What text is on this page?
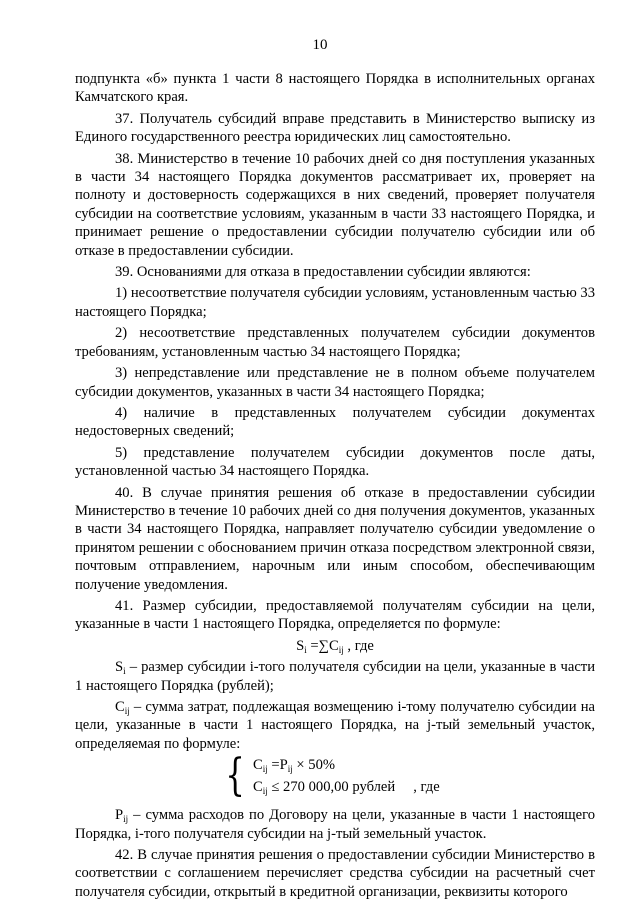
10

подпункта «б» пункта 1 части 8 настоящего Порядка в исполнительных органах Камчатского края.

37. Получатель субсидий вправе представить в Министерство выписку из Единого государственного реестра юридических лиц самостоятельно.

38. Министерство в течение 10 рабочих дней со дня поступления указанных в части 34 настоящего Порядка документов рассматривает их, проверяет на полноту и достоверность содержащихся в них сведений, проверяет получателя субсидии на соответствие условиям, указанным в части 33 настоящего Порядка, и принимает решение о предоставлении субсидии получателю субсидии или об отказе в предоставлении субсидии.

39. Основаниями для отказа в предоставлении субсидии являются:

1) несоответствие получателя субсидии условиям, установленным частью 33 настоящего Порядка;

2) несоответствие представленных получателем субсидии документов требованиям, установленным частью 34 настоящего Порядка;

3) непредставление или представление не в полном объеме получателем субсидии документов, указанных в части 34 настоящего Порядка;

4) наличие в представленных получателем субсидии документах недостоверных сведений;

5) представление получателем субсидии документов после даты, установленной частью 34 настоящего Порядка.

40. В случае принятия решения об отказе в предоставлении субсидии Министерство в течение 10 рабочих дней со дня получения документов, указанных в части 34 настоящего Порядка, направляет получателю субсидии уведомление о принятом решении с обоснованием причин отказа посредством электронной связи, почтовым отправлением, нарочным или иным способом, обеспечивающим получение уведомления.

41. Размер субсидии, предоставляемой получателям субсидии на цели, указанные в части 1 настоящего Порядка, определяется по формуле:

$S_i =\sum C_{ij}$ , где

$S_i$ – размер субсидии i-того получателя субсидии на цели, указанные в части 1 настоящего Порядка (рублей);

$C_{ij}$ – сумма затрат, подлежащая возмещению i-тому получателю субсидии на цели, указанные в части 1 настоящего Порядка, на j-тый земельный участок, определяемая по формуле:

{ $C_{ij} =P_{ij} \times 50\%$
$C_{ij} \le 270$ 000,00 рублей , где

$P_{ij}$ – сумма расходов по Договору на цели, указанные в части 1 настоящего Порядка, i-того получателя субсидии на j-тый земельный участок.

42. В случае принятия решения о предоставлении субсидии Министерство в соответствии с соглашением перечисляет средства субсидии на расчетный счет получателя субсидии, открытый в кредитной организации, реквизиты которого
